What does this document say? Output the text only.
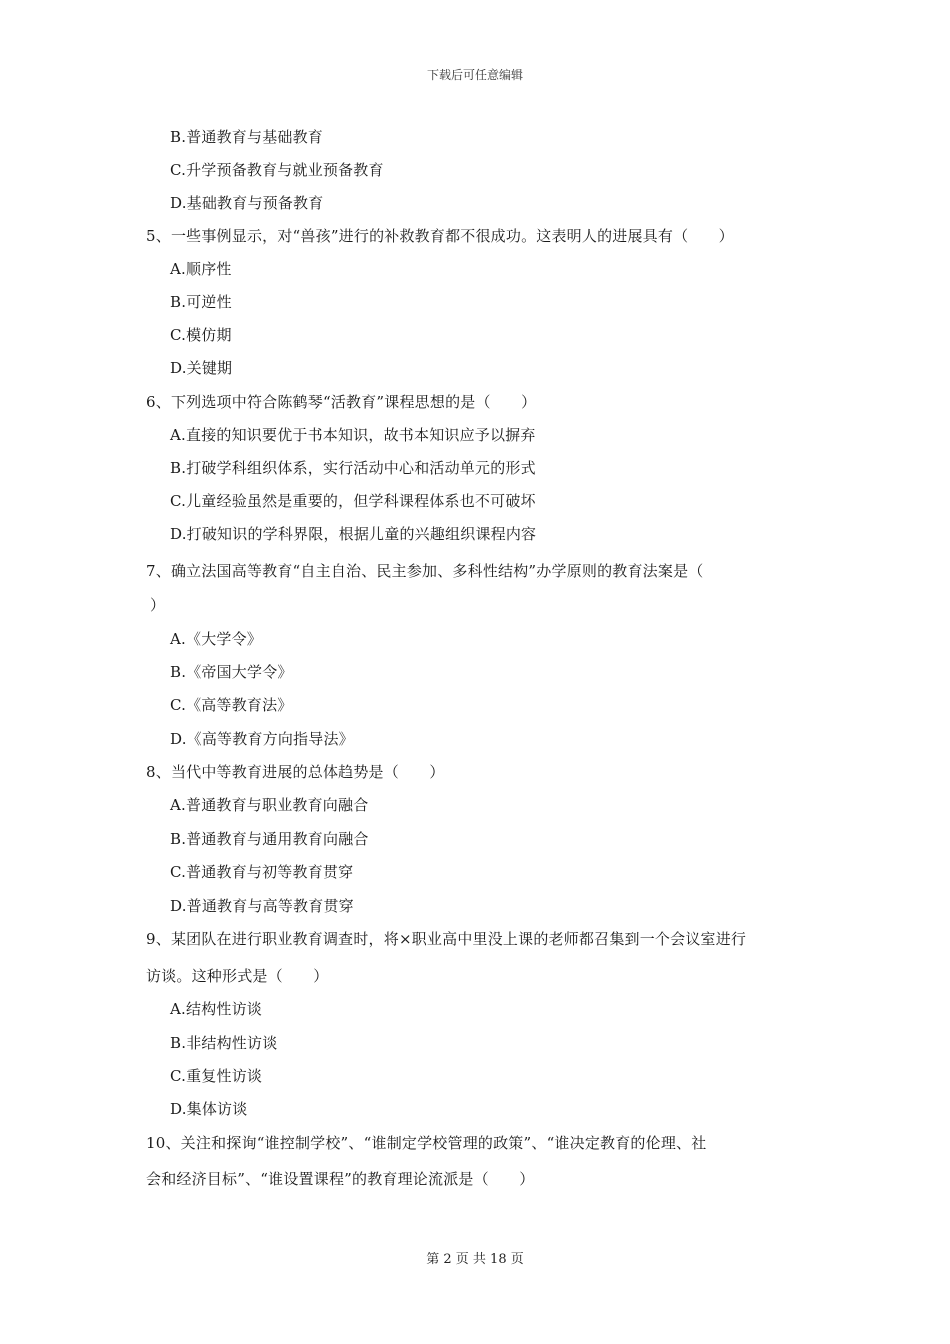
下载后可任意编辑
B.普通教育与基础教育
C.升学预备教育与就业预备教育
D.基础教育与预备教育
5、一些事例显示，对“兽孩”进行的补救教育都不很成功。这表明人的进展具有（　　）
A.顺序性
B.可逆性
C.模仿期
D.关键期
6、下列选项中符合陈鹤琴“活教育”课程思想的是（　　）
A.直接的知识要优于书本知识，故书本知识应予以摒弃
B.打破学科组织体系，实行活动中心和活动单元的形式
C.儿童经验虽然是重要的，但学科课程体系也不可破坏
D.打破知识的学科界限，根据儿童的兴趣组织课程内容
7、确立法国高等教育“自主自治、民主参加、多科性结构”办学原则的教育法案是（
）
A.《大学令》
B.《帝国大学令》
C.《高等教育法》
D.《高等教育方向指导法》
8、当代中等教育进展的总体趋势是（　　）
A.普通教育与职业教育向融合
B.普通教育与通用教育向融合
C.普通教育与初等教育贯穿
D.普通教育与高等教育贯穿
9、某团队在进行职业教育调查时，将×职业高中里没上课的老师都召集到一个会议室进行
访谈。这种形式是（　　）
A.结构性访谈
B.非结构性访谈
C.重复性访谈
D.集体访谈
10、关注和探询“谁控制学校”、“谁制定学校管理的政策”、“谁决定教育的伦理、社
会和经济目标”、“谁设置课程”的教育理论流派是（　　）
第 2 页 共 18 页
